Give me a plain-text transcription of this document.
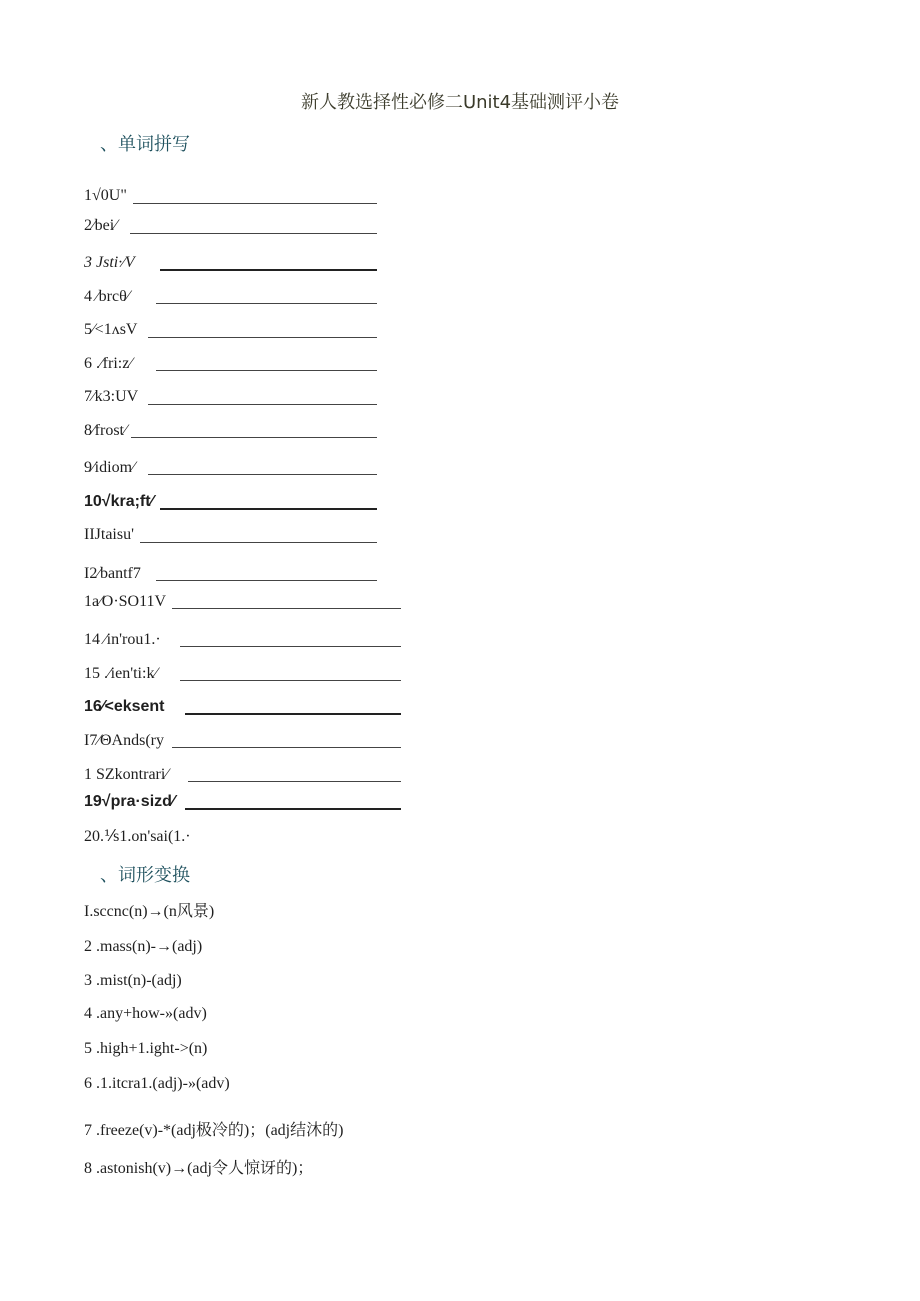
新人教选择性必修二Unit4基础测评小卷
、单词拼写
1√0U"
2∕bei∕
3 Jsti·∕V
4 ∕brcθ∕
5∕<1ʌsV
6 .∕fri:z∕
7∕k3:UV
8∕frost∕
9∕idiom∕
10√kra;ft∕
IIJtaisu'
I2∕bantf7
1a∕O·SO11V
14 ∕in'rou1.·
15 .∕ien'ti:k∕
16∕<eksent
I7∕ΘAnds(ry
1 SZkontrari∕
19√pra·sizd∕
20.⅟s1.on'sai(1.·
、词形变换
I.sccnc(n)→(n风景)
2 .mass(n)-→(adj)
3 .mist(n)-(adj)
4 .any+how-»(adv)
5 .high+1.ight->(n)
6 .1.itcra1.(adj)-»(adv)
7 .freeze(v)-*(adj极冷的)；(adj结沐的)
8 .astonish(v)→(adj令人惊讶的)；
